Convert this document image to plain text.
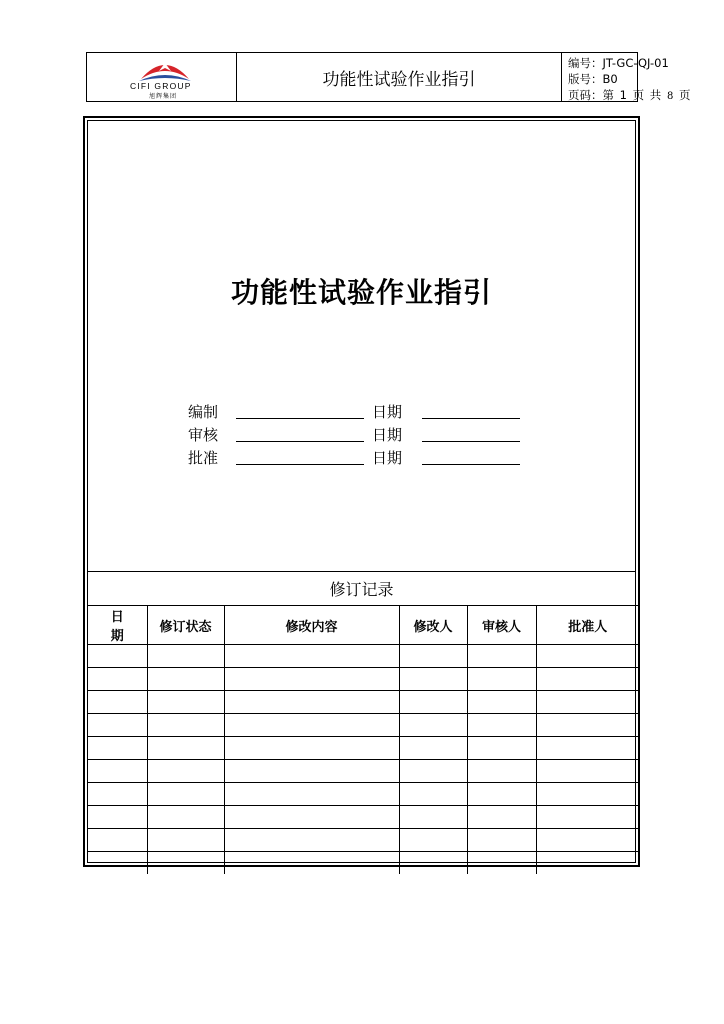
CIFI GROUP
旭辉集团
功能性试验作业指引
编号：JT-GC-QJ-01
版号：B0
页码：第 1 页 共 8 页
功能性试验作业指引
编制	日期
审核	日期
批准	日期
修订记录
日 期	修订状态	修改内容	修改人	审核人	批准人
